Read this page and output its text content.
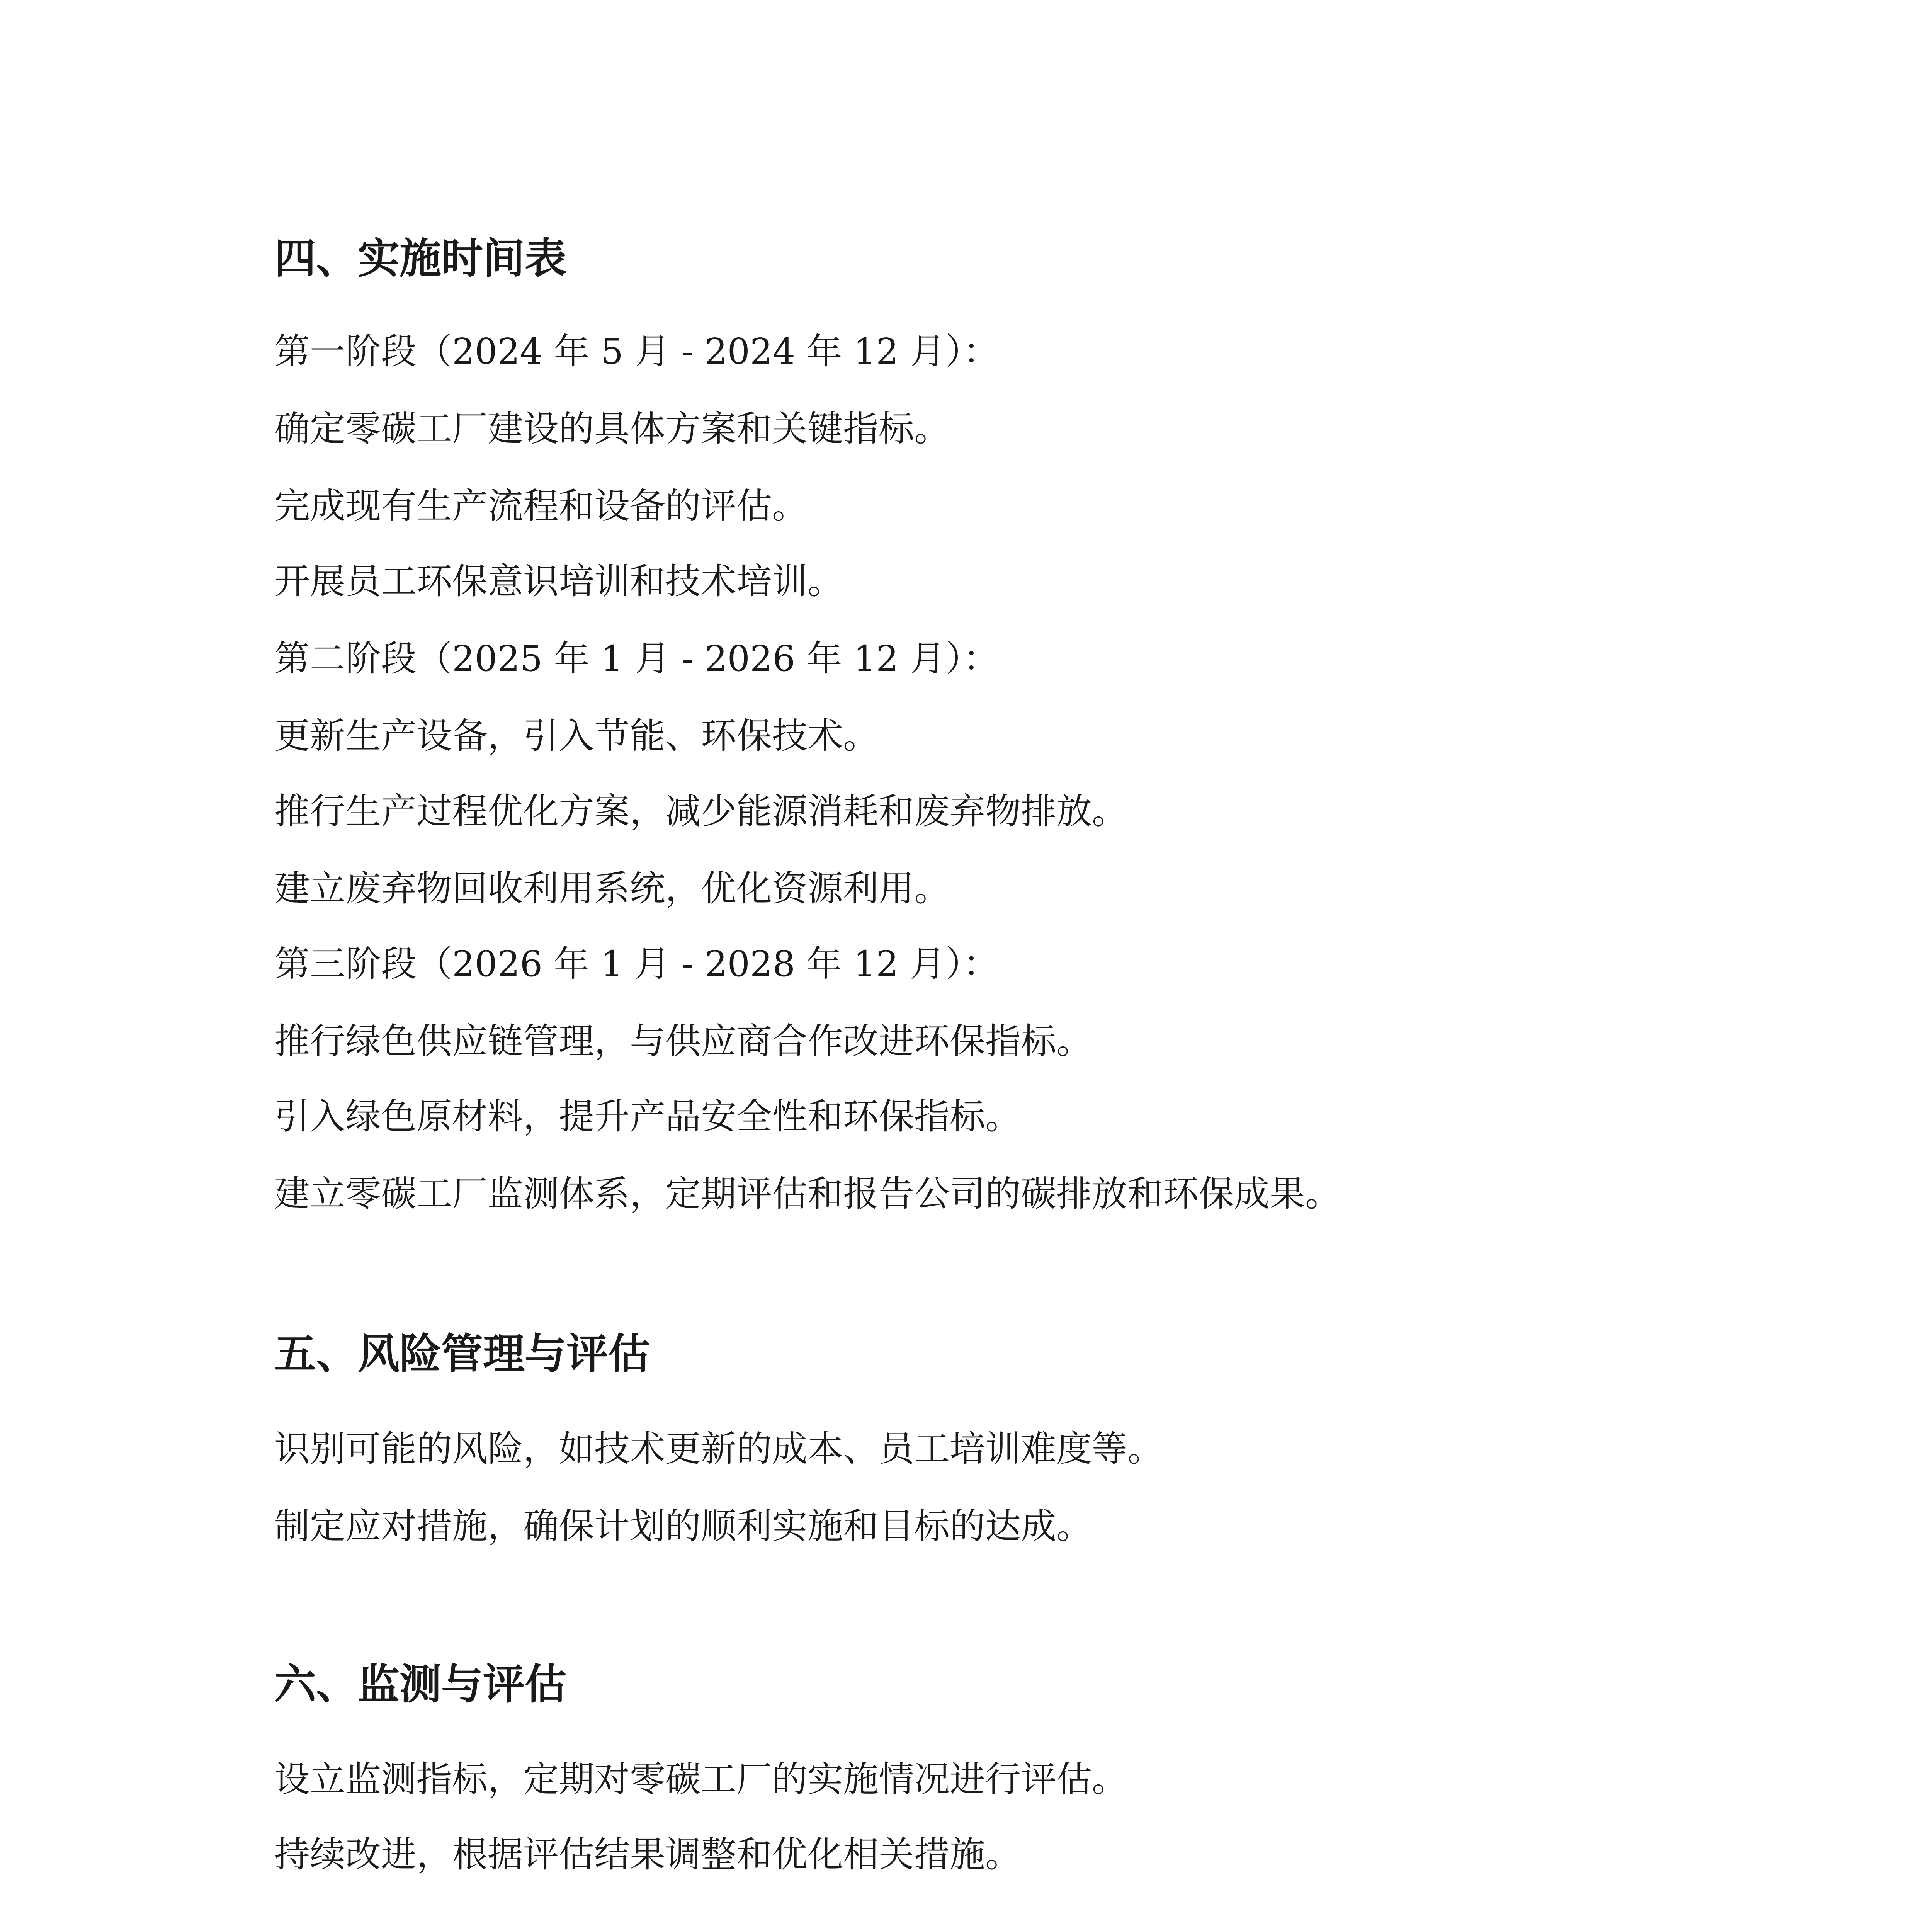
四、实施时间表
第一阶段（2024 年 5 月 - 2024 年 12 月）：
确定零碳工厂建设的具体方案和关键指标。
完成现有生产流程和设备的评估。
开展员工环保意识培训和技术培训。
第二阶段（2025 年 1 月 - 2026 年 12 月）：
更新生产设备，引入节能、环保技术。
推行生产过程优化方案，减少能源消耗和废弃物排放。
建立废弃物回收利用系统，优化资源利用。
第三阶段（2026 年 1 月 - 2028 年 12 月）：
推行绿色供应链管理，与供应商合作改进环保指标。
引入绿色原材料，提升产品安全性和环保指标。
建立零碳工厂监测体系，定期评估和报告公司的碳排放和环保成果。
五、风险管理与评估
识别可能的风险，如技术更新的成本、员工培训难度等。
制定应对措施，确保计划的顺利实施和目标的达成。
六、监测与评估
设立监测指标，定期对零碳工厂的实施情况进行评估。
持续改进，根据评估结果调整和优化相关措施。
